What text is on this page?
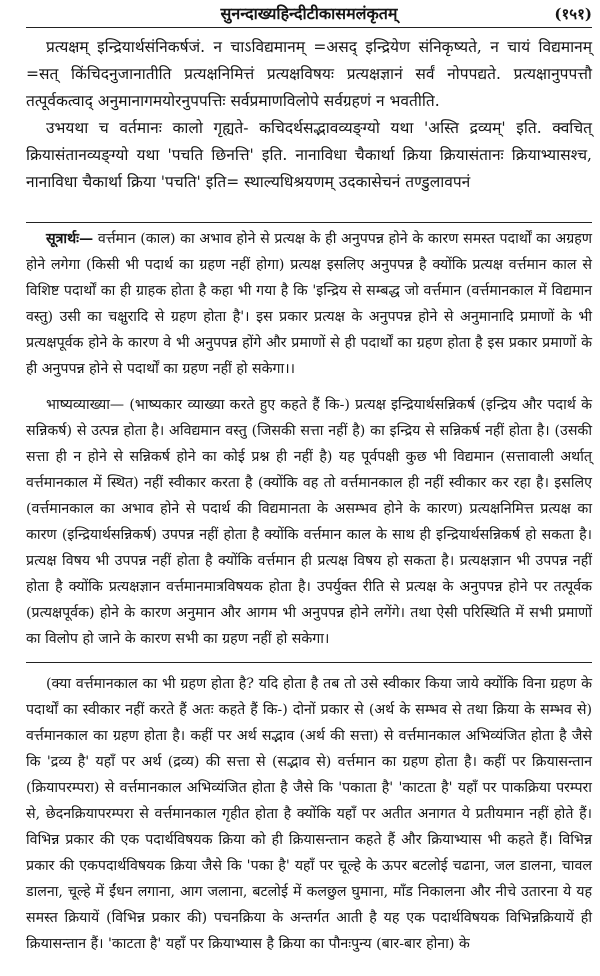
सुनन्दाख्यहिन्दीटीकासमलंकृतम्	(१५१)

प्रत्यक्षम् इन्द्रियार्थसंनिकर्षजं. न चाऽविद्यमानम् =असद् इन्द्रियेण संनिकृष्यते, न चायं विद्यमानम् =सत् किंचिदनुजानातीति प्रत्यक्षनिमित्तं प्रत्यक्षविषयः प्रत्यक्षज्ञानं सर्वं नोपपद्यते. प्रत्यक्षानुपपत्तौ तत्पूर्वकत्वाद् अनुमानागमयोरनुपपत्तिः सर्वप्रमाणविलोपे सर्वग्रहणं न भवतीति.

उभयथा च वर्तमानः कालो गृह्यते- कचिदर्थसद्भावव्यङ्ग्यो यथा 'अस्ति द्रव्यम्' इति. क्वचित् क्रियासंतानव्यङ्ग्यो यथा 'पचति छिनत्ति' इति. नानाविधा चैकार्था क्रिया क्रियासंतानः क्रियाभ्यासश्च, नानाविधा चैकार्था क्रिया 'पचति' इति= स्थाल्यधिश्रयणम् उदकासेचनं तण्डुलावपनं

सूत्रार्थः— वर्त्तमान (काल) का अभाव होने से प्रत्यक्ष के ही अनुपपन्न होने के कारण समस्त पदार्थों का अग्रहण होने लगेगा (किसी भी पदार्थ का ग्रहण नहीं होगा) प्रत्यक्ष इसलिए अनुपपन्न है क्योंकि प्रत्यक्ष वर्त्तमान काल से विशिष्ट पदार्थों का ही ग्राहक होता है कहा भी गया है कि 'इन्द्रिय से सम्बद्ध जो वर्त्तमान (वर्त्तमानकाल में विद्यमान वस्तु) उसी का चक्षुरादि से ग्रहण होता है'। इस प्रकार प्रत्यक्ष के अनुपपन्न होने से अनुमानादि प्रमाणों के भी प्रत्यक्षपूर्वक होने के कारण वे भी अनुपपन्न होंगे और प्रमाणों से ही पदार्थों का ग्रहण होता है इस प्रकार प्रमाणों के ही अनुपपन्न होने से पदार्थों का ग्रहण नहीं हो सकेगा।।

भाष्यव्याख्या— (भाष्यकार व्याख्या करते हुए कहते हैं कि-) प्रत्यक्ष इन्द्रियार्थसन्निकर्ष (इन्द्रिय और पदार्थ के सन्निकर्ष) से उत्पन्न होता है। अविद्यमान वस्तु (जिसकी सत्ता नहीं है) का इन्द्रिय से सन्निकर्ष नहीं होता है। (उसकी सत्ता ही न होने से सन्निकर्ष होने का कोई प्रश्न ही नहीं है) यह पूर्वपक्षी कुछ भी विद्यमान (सत्तावाली अर्थात् वर्त्तमानकाल में स्थित) नहीं स्वीकार करता है (क्योंकि वह तो वर्त्तमानकाल ही नहीं स्वीकार कर रहा है। इसलिए (वर्त्तमानकाल का अभाव होने से पदार्थ की विद्यमानता के असम्भव होने के कारण) प्रत्यक्षनिमित्त प्रत्यक्ष का कारण (इन्द्रियार्थसन्निकर्ष) उपपन्न नहीं होता है क्योंकि वर्त्तमान काल के साथ ही इन्द्रियार्थसन्निकर्ष हो सकता है। प्रत्यक्ष विषय भी उपपन्न नहीं होता है क्योंकि वर्त्तमान ही प्रत्यक्ष विषय हो सकता है। प्रत्यक्षज्ञान भी उपपन्न नहीं होता है क्योंकि प्रत्यक्षज्ञान वर्त्तमानमात्रविषयक होता है। उपर्युक्त रीति से प्रत्यक्ष के अनुपपन्न होने पर तत्पूर्वक (प्रत्यक्षपूर्वक) होने के कारण अनुमान और आगम भी अनुपपन्न होने लगेंगे। तथा ऐसी परिस्थिति में सभी प्रमाणों का विलोप हो जाने के कारण सभी का ग्रहण नहीं हो सकेगा।

(क्या वर्त्तमानकाल का भी ग्रहण होता है? यदि होता है तब तो उसे स्वीकार किया जाये क्योंकि विना ग्रहण के पदार्थों का स्वीकार नहीं करते हैं अतः कहते हैं कि-) दोनों प्रकार से (अर्थ के सम्भव से तथा क्रिया के सम्भव से) वर्त्तमानकाल का ग्रहण होता है। कहीं पर अर्थ सद्भाव (अर्थ की सत्ता) से वर्त्तमानकाल अभिव्यंजित होता है जैसे कि 'द्रव्य है' यहाँ पर अर्थ (द्रव्य) की सत्ता से (सद्भाव से) वर्त्तमान का ग्रहण होता है। कहीं पर क्रियासन्तान (क्रियापरम्परा) से वर्त्तमानकाल अभिव्यंजित होता है जैसे कि 'पकाता है' 'काटता है' यहाँ पर पाकक्रिया परम्परा से, छेदनक्रियापरम्परा से वर्त्तमानकाल गृहीत होता है क्योंकि यहाँ पर अतीत अनागत ये प्रतीयमान नहीं होते हैं। विभिन्न प्रकार की एक पदार्थविषयक क्रिया को ही क्रियासन्तान कहते हैं और क्रियाभ्यास भी कहते हैं। विभिन्न प्रकार की एकपदार्थविषयक क्रिया जैसे कि 'पका है' यहाँ पर चूल्हे के ऊपर बटलोई चढाना, जल डालना, चावल डालना, चूल्हे में ईंधन लगाना, आग जलाना, बटलोई में कलछुल घुमाना, माँड निकालना और नीचे उतारना ये यह समस्त क्रियायें (विभिन्न प्रकार की) पचनक्रिया के अन्तर्गत आती है यह एक पदार्थविषयक विभिन्नक्रियायें ही क्रियासन्तान हैं। 'काटता है' यहाँ पर क्रियाभ्यास है क्रिया का पौनःपुन्य (बार-बार होना) के
